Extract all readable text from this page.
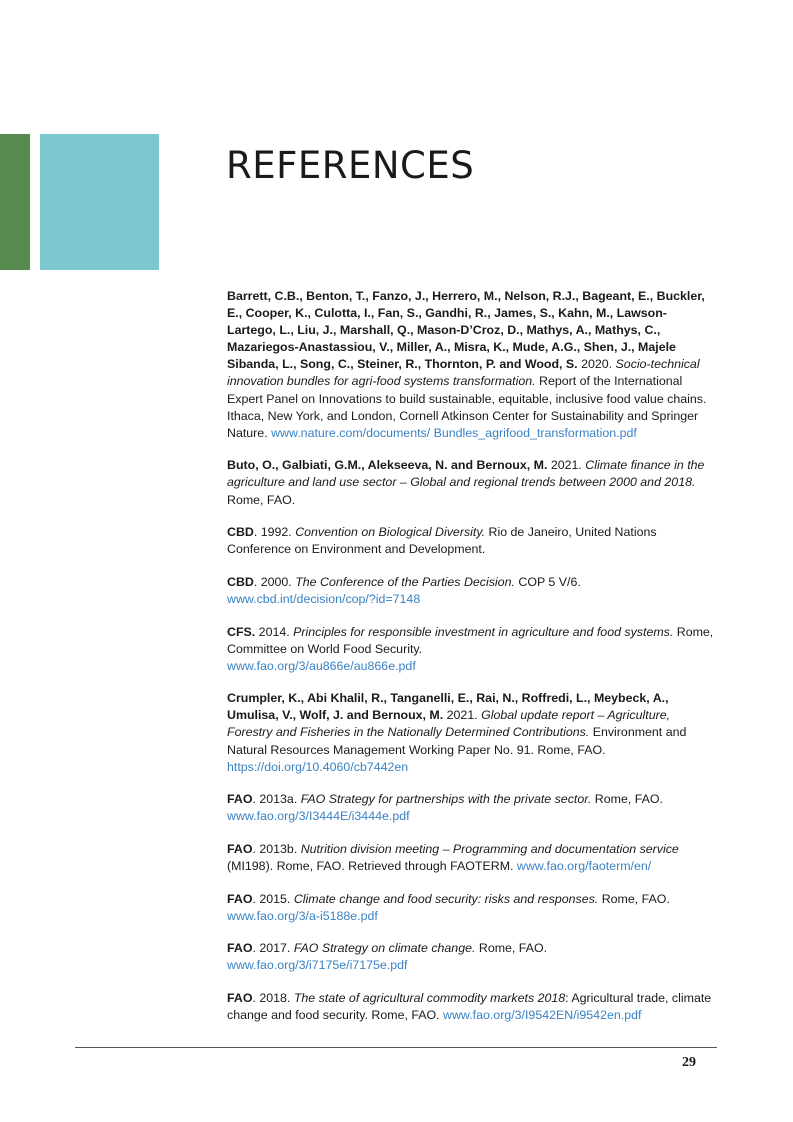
REFERENCES

Barrett, C.B., Benton, T., Fanzo, J., Herrero, M., Nelson, R.J., Bageant, E., Buckler, E., Cooper, K., Culotta, I., Fan, S., Gandhi, R., James, S., Kahn, M., Lawson-Lartego, L., Liu, J., Marshall, Q., Mason-D’Croz, D., Mathys, A., Mathys, C., Mazariegos-Anastassiou, V., Miller, A., Misra, K., Mude, A.G., Shen, J., Majele Sibanda, L., Song, C., Steiner, R., Thornton, P. and Wood, S. 2020. Socio-technical innovation bundles for agri-food systems transformation. Report of the International Expert Panel on Innovations to build sustainable, equitable, inclusive food value chains. Ithaca, New York, and London, Cornell Atkinson Center for Sustainability and Springer Nature. www.nature.com/documents/ Bundles_agrifood_transformation.pdf

Buto, O., Galbiati, G.M., Alekseeva, N. and Bernoux, M. 2021. Climate finance in the agriculture and land use sector – Global and regional trends between 2000 and 2018. Rome, FAO.

CBD. 1992. Convention on Biological Diversity. Rio de Janeiro, United Nations Conference on Environment and Development.

CBD. 2000. The Conference of the Parties Decision. COP 5 V/6.
www.cbd.int/decision/cop/?id=7148

CFS. 2014. Principles for responsible investment in agriculture and food systems. Rome, Committee on World Food Security.
www.fao.org/3/au866e/au866e.pdf

Crumpler, K., Abi Khalil, R., Tanganelli, E., Rai, N., Roffredi, L., Meybeck, A., Umulisa, V., Wolf, J. and Bernoux, M. 2021. Global update report – Agriculture, Forestry and Fisheries in the Nationally Determined Contributions. Environment and Natural Resources Management Working Paper No. 91. Rome, FAO. https://doi.org/10.4060/cb7442en

FAO. 2013a. FAO Strategy for partnerships with the private sector. Rome, FAO.
www.fao.org/3/I3444E/i3444e.pdf

FAO. 2013b. Nutrition division meeting – Programming and documentation service (MI198). Rome, FAO. Retrieved through FAOTERM. www.fao.org/faoterm/en/

FAO. 2015. Climate change and food security: risks and responses. Rome, FAO.
www.fao.org/3/a-i5188e.pdf

FAO. 2017. FAO Strategy on climate change. Rome, FAO. www.fao.org/3/i7175e/i7175e.pdf

FAO. 2018. The state of agricultural commodity markets 2018: Agricultural trade, climate change and food security. Rome, FAO. www.fao.org/3/I9542EN/i9542en.pdf

29
